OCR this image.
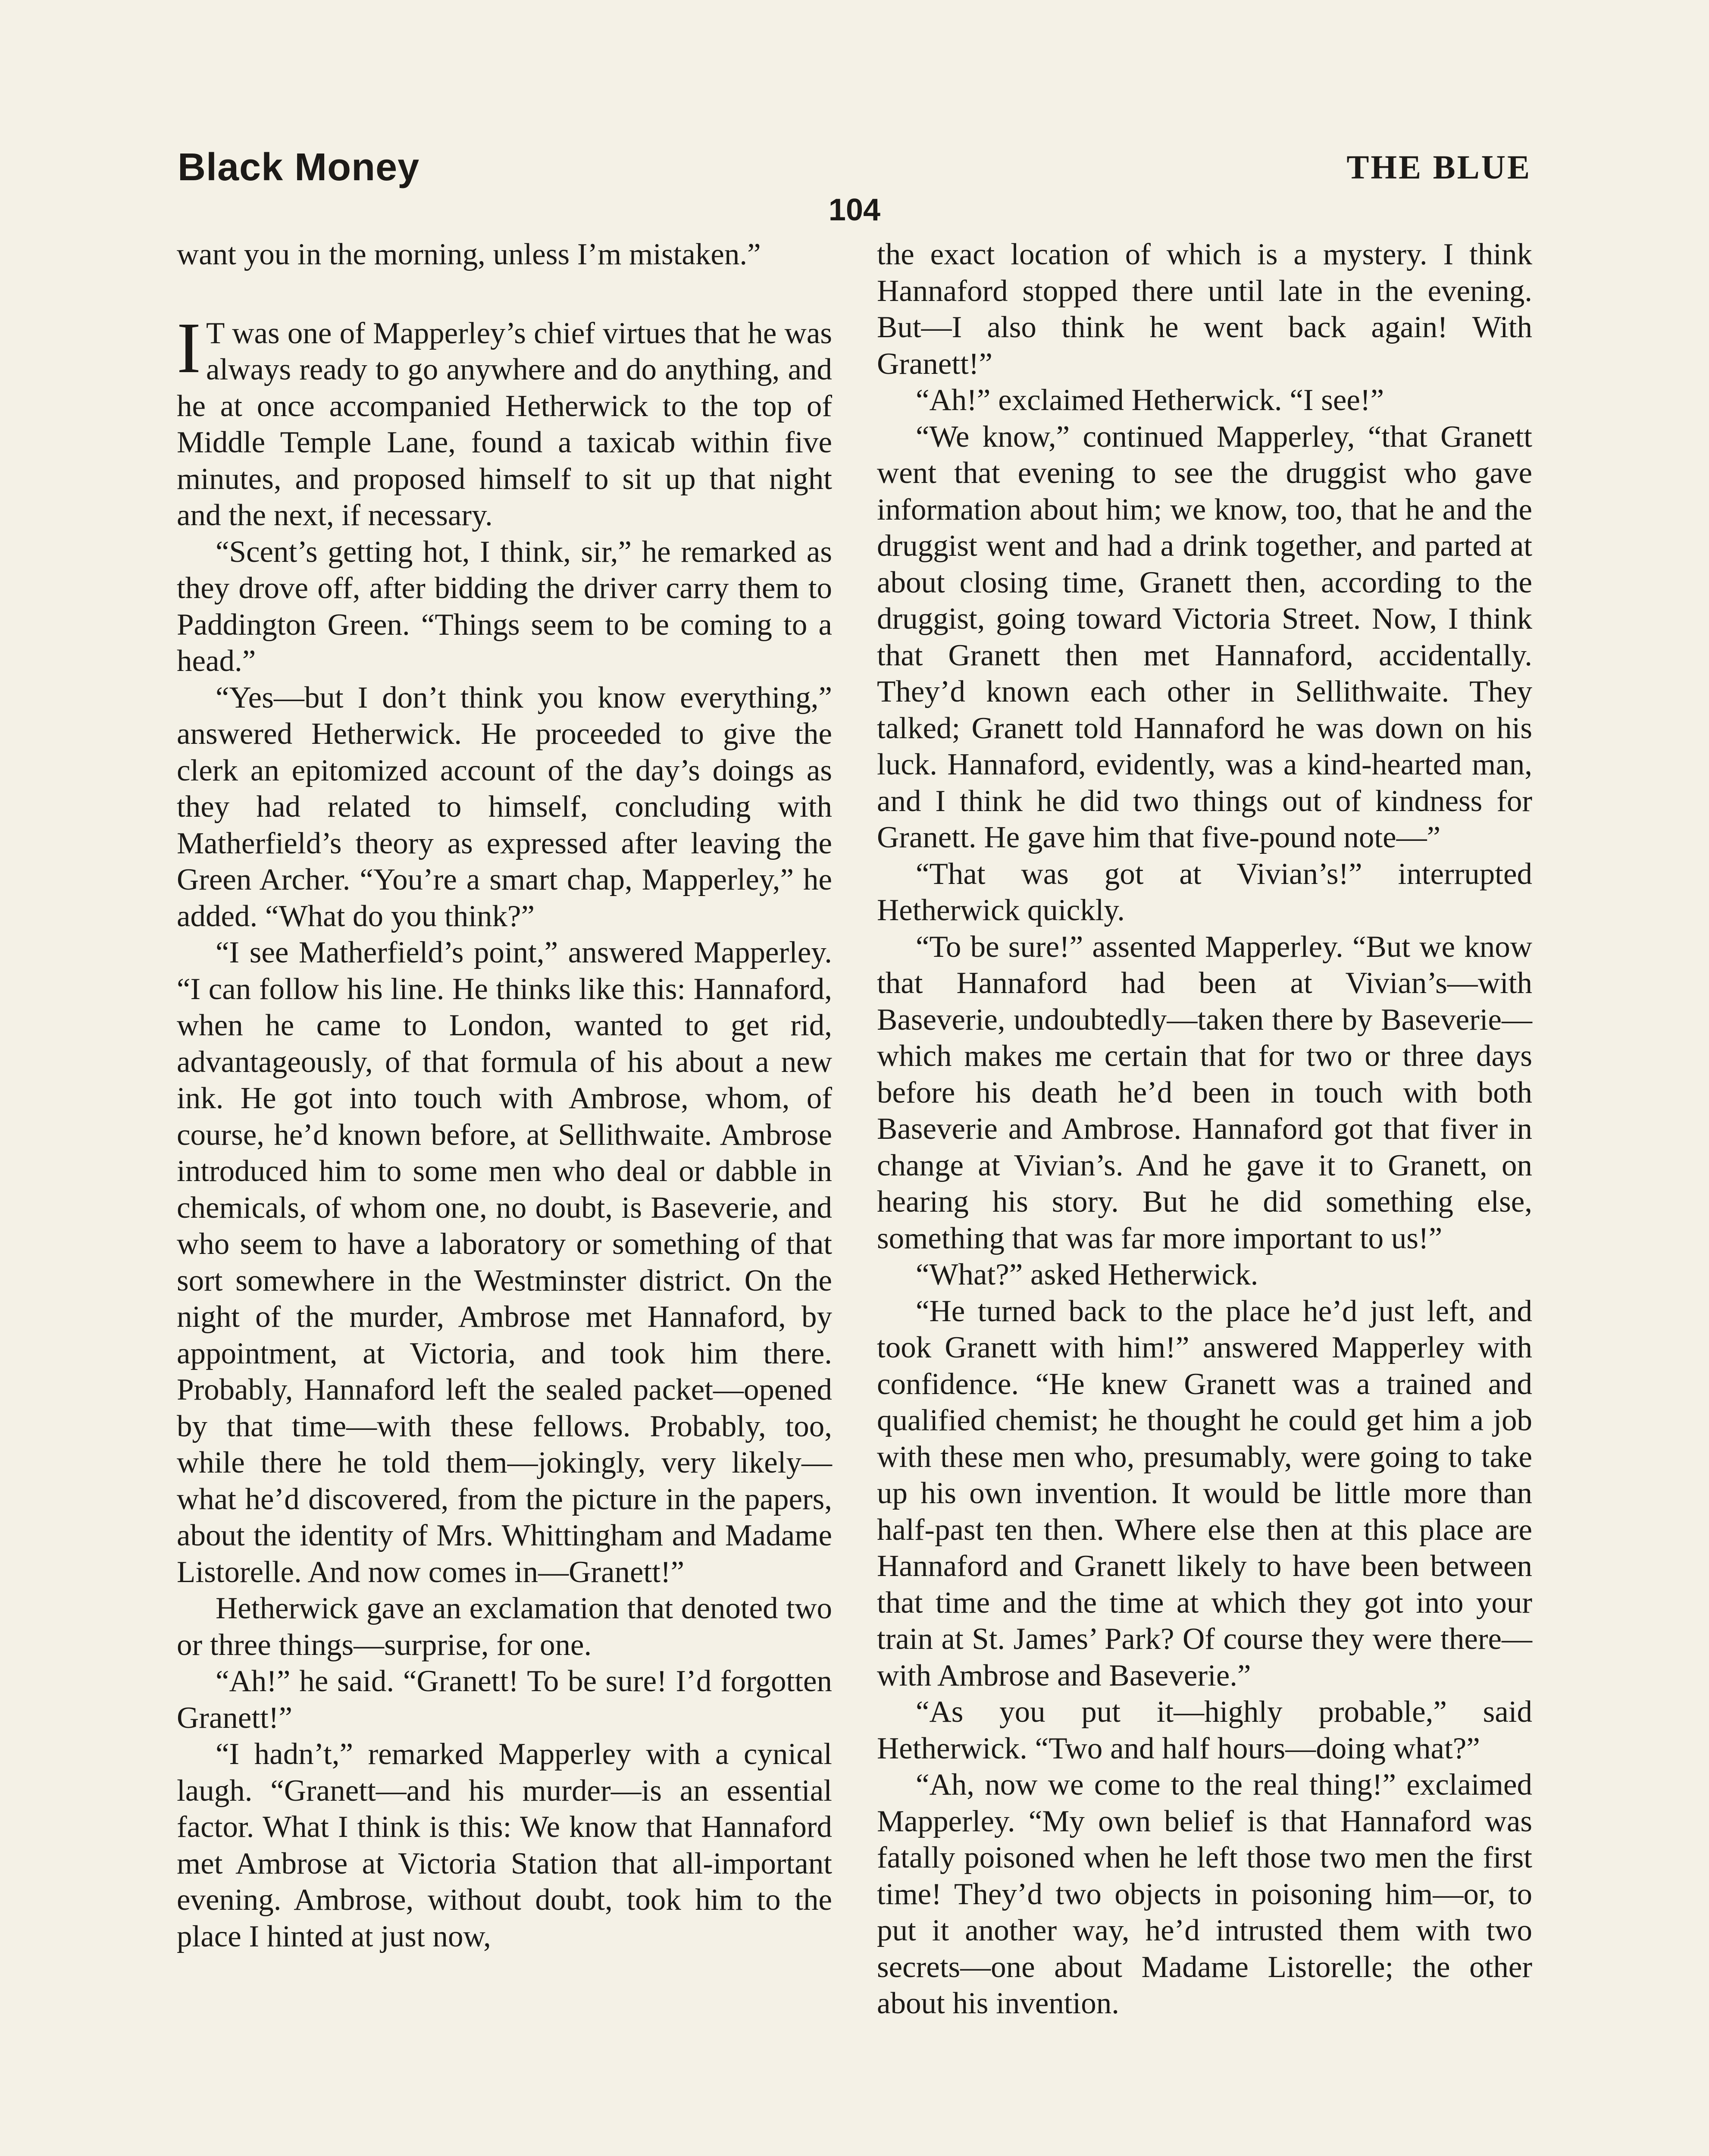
Black Money	THE BLUE
104

want you in the morning, unless I’m mistaken.”

I T was one of Mapperley’s chief virtues that he was always ready to go anywhere and do anything, and he at once accompanied Hetherwick to the top of Middle Temple Lane, found a taxicab within five minutes, and proposed himself to sit up that night and the next, if necessary.

“Scent’s getting hot, I think, sir,” he remarked as they drove off, after bidding the driver carry them to Paddington Green. “Things seem to be coming to a head.”

“Yes—but I don’t think you know everything,” answered Hetherwick. He proceeded to give the clerk an epitomized account of the day’s doings as they had related to himself, concluding with Matherfield’s theory as expressed after leaving the Green Archer. “You’re a smart chap, Mapperley,” he added. “What do you think?”

“I see Matherfield’s point,” answered Mapperley. “I can follow his line. He thinks like this: Hannaford, when he came to London, wanted to get rid, advantageously, of that formula of his about a new ink. He got into touch with Ambrose, whom, of course, he’d known before, at Sellithwaite. Ambrose introduced him to some men who deal or dabble in chemicals, of whom one, no doubt, is Baseverie, and who seem to have a laboratory or something of that sort somewhere in the Westminster district. On the night of the murder, Ambrose met Hannaford, by appointment, at Victoria, and took him there. Probably, Hannaford left the sealed packet—opened by that time—with these fellows. Probably, too, while there he told them—jokingly, very likely—what he’d discovered, from the picture in the papers, about the identity of Mrs. Whittingham and Madame Listorelle. And now comes in—Granett!”

Hetherwick gave an exclamation that denoted two or three things—surprise, for one.

“Ah!” he said. “Granett! To be sure! I’d forgotten Granett!”

“I hadn’t,” remarked Mapperley with a cynical laugh. “Granett—and his murder—is an essential factor. What I think is this: We know that Hannaford met Ambrose at Victoria Station that all-important evening. Ambrose, without doubt, took him to the place I hinted at just now,

the exact location of which is a mystery. I think Hannaford stopped there until late in the evening. But—I also think he went back again! With Granett!”

“Ah!” exclaimed Hetherwick. “I see!”

“We know,” continued Mapperley, “that Granett went that evening to see the druggist who gave information about him; we know, too, that he and the druggist went and had a drink together, and parted at about closing time, Granett then, according to the druggist, going toward Victoria Street. Now, I think that Granett then met Hannaford, accidentally. They’d known each other in Sellithwaite. They talked; Granett told Hannaford he was down on his luck. Hannaford, evidently, was a kind-hearted man, and I think he did two things out of kindness for Granett. He gave him that five-pound note—”

“That was got at Vivian’s!” interrupted Hetherwick quickly.

“To be sure!” assented Mapperley. “But we know that Hannaford had been at Vivian’s—with Baseverie, undoubtedly—taken there by Baseverie—which makes me certain that for two or three days before his death he’d been in touch with both Baseverie and Ambrose. Hannaford got that fiver in change at Vivian’s. And he gave it to Granett, on hearing his story. But he did something else, something that was far more important to us!”

“What?” asked Hetherwick.

“He turned back to the place he’d just left, and took Granett with him!” answered Mapperley with confidence. “He knew Granett was a trained and qualified chemist; he thought he could get him a job with these men who, presumably, were going to take up his own invention. It would be little more than half-past ten then. Where else then at this place are Hannaford and Granett likely to have been between that time and the time at which they got into your train at St. James’ Park? Of course they were there—with Ambrose and Baseverie.”

“As you put it—highly probable,” said Hetherwick. “Two and half hours—doing what?”

“Ah, now we come to the real thing!” exclaimed Mapperley. “My own belief is that Hannaford was fatally poisoned when he left those two men the first time! They’d two objects in poisoning him—or, to put it another way, he’d intrusted them with two secrets—one about Madame Listorelle; the other about his invention.
